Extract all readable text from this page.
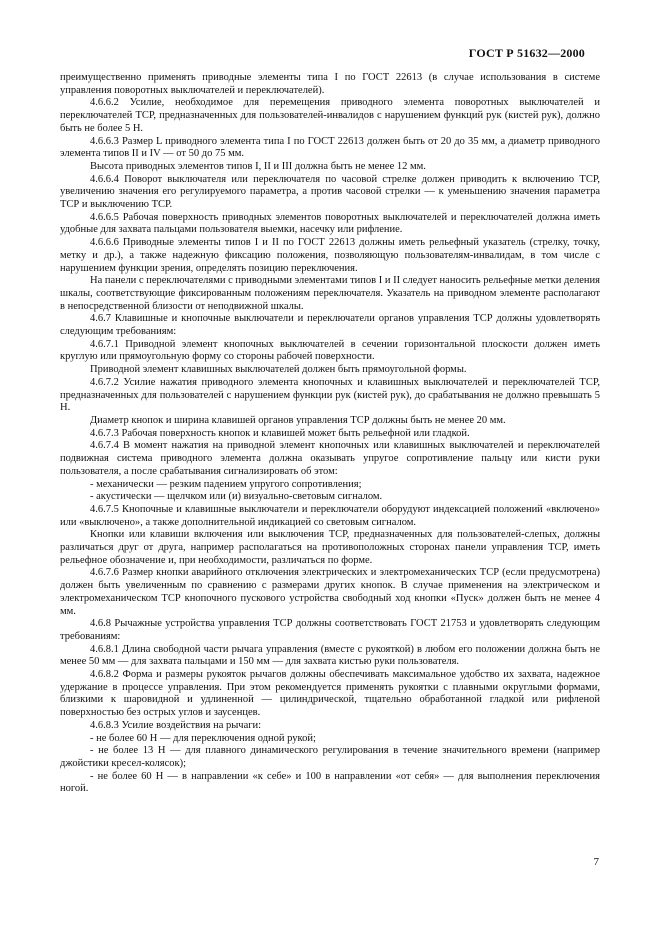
ГОСТ Р 51632—2000

преимущественно применять приводные элементы типа I по ГОСТ 22613 (в случае использования в системе управления поворотных выключателей и переключателей).

4.6.6.2 Усилие, необходимое для перемещения приводного элемента поворотных выключателей и переключателей ТСР, предназначенных для пользователей-инвалидов с нарушением функций рук (кистей рук), должно быть не более 5 Н.

4.6.6.3 Размер L приводного элемента типа I по ГОСТ 22613 должен быть от 20 до 35 мм, а диаметр приводного элемента типов II и IV — от 50 до 75 мм.

Высота приводных элементов типов I, II и III должна быть не менее 12 мм.

4.6.6.4 Поворот выключателя или переключателя по часовой стрелке должен приводить к включению ТСР, увеличению значения его регулируемого параметра, а против часовой стрелки — к уменьшению значения параметра ТСР и выключению ТСР.

4.6.6.5 Рабочая поверхность приводных элементов поворотных выключателей и переключателей должна иметь удобные для захвата пальцами пользователя выемки, насечку или рифление.

4.6.6.6 Приводные элементы типов I и II по ГОСТ 22613 должны иметь рельефный указатель (стрелку, точку, метку и др.), а также надежную фиксацию положения, позволяющую пользователям-инвалидам, в том числе с нарушением функции зрения, определять позицию переключения.

На панели с переключателями с приводными элементами типов I и II следует наносить рельефные метки деления шкалы, соответствующие фиксированным положениям переключателя. Указатель на приводном элементе располагают в непосредственной близости от неподвижной шкалы.

4.6.7 Клавишные и кнопочные выключатели и переключатели органов управления ТСР должны удовлетворять следующим требованиям:

4.6.7.1 Приводной элемент кнопочных выключателей в сечении горизонтальной плоскости должен иметь круглую или прямоугольную форму со стороны рабочей поверхности.

Приводной элемент клавишных выключателей должен быть прямоугольной формы.

4.6.7.2 Усилие нажатия приводного элемента кнопочных и клавишных выключателей и переключателей ТСР, предназначенных для пользователей с нарушением функции рук (кистей рук), до срабатывания не должно превышать 5 Н.

Диаметр кнопок и ширина клавишей органов управления ТСР должны быть не менее 20 мм.

4.6.7.3 Рабочая поверхность кнопок и клавишей может быть рельефной или гладкой.

4.6.7.4 В момент нажатия на приводной элемент кнопочных или клавишных выключателей и переключателей подвижная система приводного элемента должна оказывать упругое сопротивление пальцу или кисти руки пользователя, а после срабатывания сигнализировать об этом:

- механически — резким падением упругого сопротивления;

- акустически — щелчком или (и) визуально-световым сигналом.

4.6.7.5 Кнопочные и клавишные выключатели и переключатели оборудуют индексацией положений «включено» или «выключено», а также дополнительной индикацией со световым сигналом.

Кнопки или клавиши включения или выключения ТСР, предназначенных для пользователей-слепых, должны различаться друг от друга, например располагаться на противоположных сторонах панели управления ТСР, иметь рельефное обозначение и, при необходимости, различаться по форме.

4.6.7.6 Размер кнопки аварийного отключения электрических и электромеханических ТСР (если предусмотрена) должен быть увеличенным по сравнению с размерами других кнопок. В случае применения на электрическом и электромеханическом ТСР кнопочного пускового устройства свободный ход кнопки «Пуск» должен быть не менее 4 мм.

4.6.8 Рычажные устройства управления ТСР должны соответствовать ГОСТ 21753 и удовлетворять следующим требованиям:

4.6.8.1 Длина свободной части рычага управления (вместе с рукояткой) в любом его положении должна быть не менее 50 мм — для захвата пальцами и 150 мм — для захвата кистью руки пользователя.

4.6.8.2 Форма и размеры рукояток рычагов должны обеспечивать максимальное удобство их захвата, надежное удержание в процессе управления. При этом рекомендуется применять рукоятки с плавными округлыми формами, близкими к шаровидной и удлиненной — цилиндрической, тщательно обработанной гладкой или рифленой поверхностью без острых углов и заусенцев.

4.6.8.3 Усилие воздействия на рычаги:

- не более 60 Н — для переключения одной рукой;

- не более 13 Н — для плавного динамического регулирования в течение значительного времени (например джойстики кресел-колясок);

- не более 60 Н — в направлении «к себе» и 100 в направлении «от себя» — для выполнения переключения ногой.

7
